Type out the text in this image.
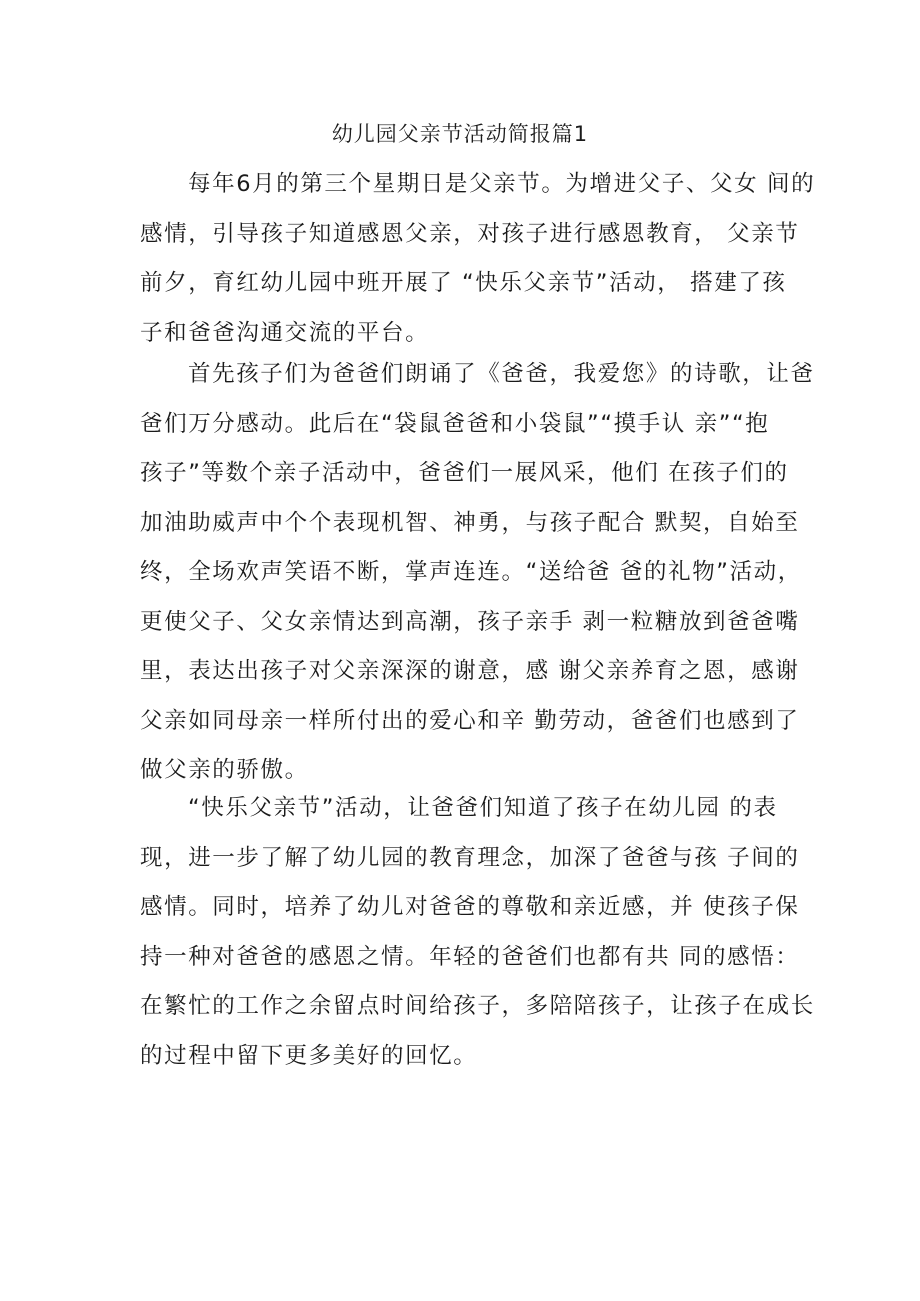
幼儿园父亲节活动简报篇1
每年6月的第三个星期日是父亲节。为增进父子、父女 间的
感情，引导孩子知道感恩父亲，对孩子进行感恩教育， 父亲节
前夕，育红幼儿园中班开展了 “快乐父亲节”活动， 搭建了孩
子和爸爸沟通交流的平台。
首先孩子们为爸爸们朗诵了《爸爸，我爱您》的诗歌，让爸
爸们万分感动。此后在“袋鼠爸爸和小袋鼠”“摸手认 亲”“抱
孩子”等数个亲子活动中，爸爸们一展风采，他们 在孩子们的
加油助威声中个个表现机智、神勇，与孩子配合 默契，自始至
终，全场欢声笑语不断，掌声连连。“送给爸 爸的礼物”活动，
更使父子、父女亲情达到高潮，孩子亲手 剥一粒糖放到爸爸嘴
里，表达出孩子对父亲深深的谢意，感 谢父亲养育之恩，感谢
父亲如同母亲一样所付出的爱心和辛 勤劳动，爸爸们也感到了
做父亲的骄傲。
“快乐父亲节”活动，让爸爸们知道了孩子在幼儿园 的表
现，进一步了解了幼儿园的教育理念，加深了爸爸与孩 子间的
感情。同时，培养了幼儿对爸爸的尊敬和亲近感，并 使孩子保
持一种对爸爸的感恩之情。年轻的爸爸们也都有共 同的感悟：
在繁忙的工作之余留点时间给孩子，多陪陪孩子，让孩子在成长
的过程中留下更多美好的回忆。
